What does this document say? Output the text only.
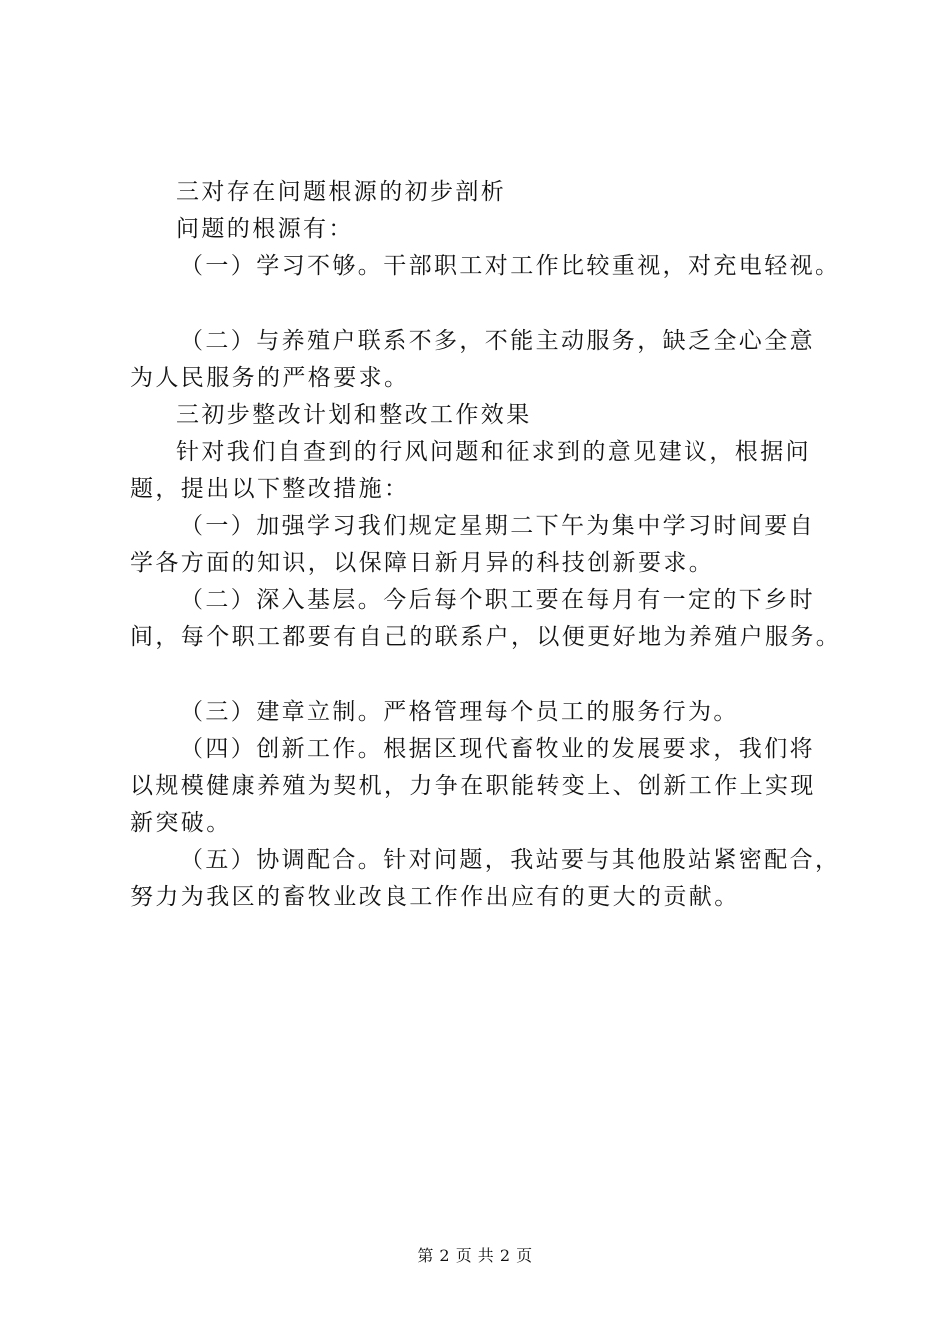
三对存在问题根源的初步剖析
问题的根源有：
（一）学习不够。干部职工对工作比较重视，对充电轻视。
（二）与养殖户联系不多，不能主动服务，缺乏全心全意
为人民服务的严格要求。
三初步整改计划和整改工作效果
针对我们自查到的行风问题和征求到的意见建议，根据问
题，提出以下整改措施：
（一）加强学习我们规定星期二下午为集中学习时间要自
学各方面的知识，以保障日新月异的科技创新要求。
（二）深入基层。今后每个职工要在每月有一定的下乡时
间，每个职工都要有自己的联系户，以便更好地为养殖户服务。
（三）建章立制。严格管理每个员工的服务行为。
（四）创新工作。根据区现代畜牧业的发展要求，我们将
以规模健康养殖为契机，力争在职能转变上、创新工作上实现
新突破。
（五）协调配合。针对问题，我站要与其他股站紧密配合，
努力为我区的畜牧业改良工作作出应有的更大的贡献。
第 2 页 共 2 页
